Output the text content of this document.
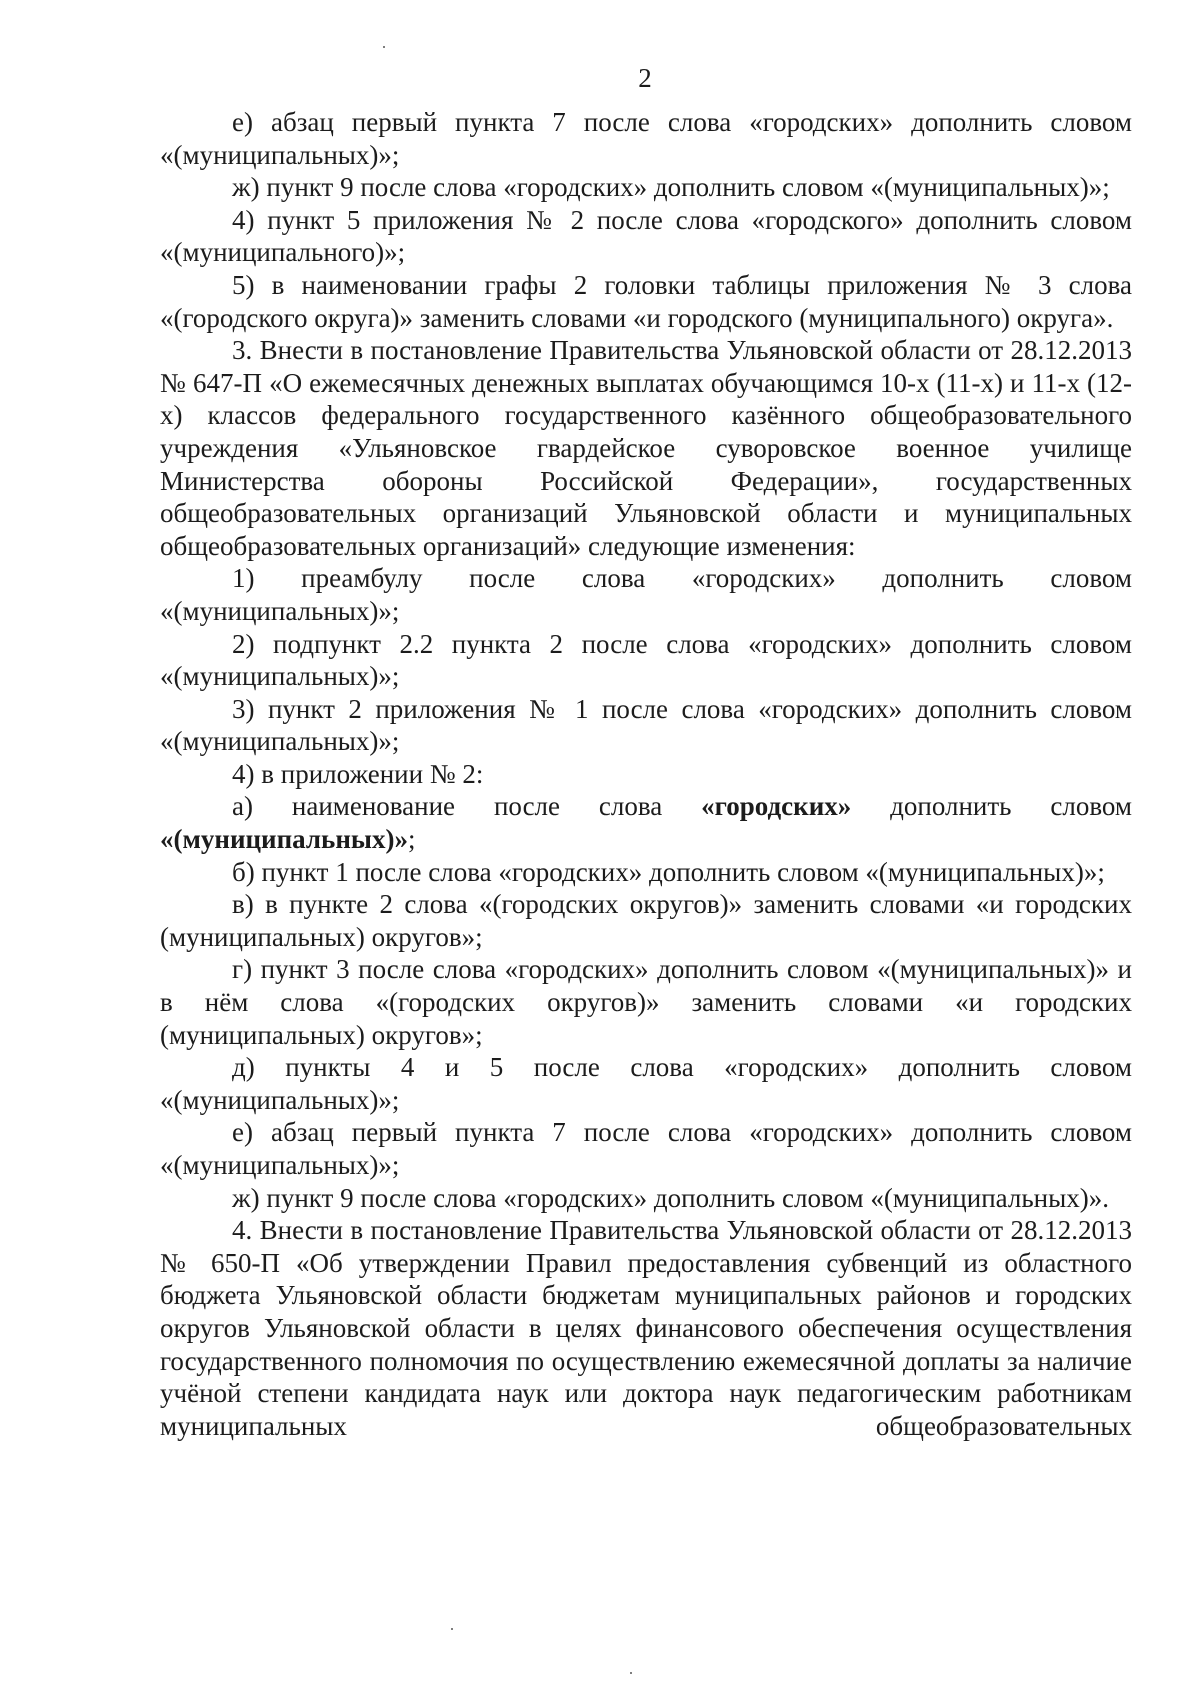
2

е) абзац первый пункта 7 после слова «городских» дополнить словом «(муниципальных)»;

ж) пункт 9 после слова «городских» дополнить словом «(муниципальных)»;

4) пункт 5 приложения № 2 после слова «городского» дополнить словом «(муниципального)»;

5) в наименовании графы 2 головки таблицы приложения № 3 слова «(городского округа)» заменить словами «и городского (муниципального) округа».

3. Внести в постановление Правительства Ульяновской области от 28.12.2013 № 647-П «О ежемесячных денежных выплатах обучающимся 10-х (11-х) и 11-х (12-х) классов федерального государственного казённого общеобразовательного учреждения «Ульяновское гвардейское суворовское военное училище Министерства обороны Российской Федерации», государственных общеобразовательных организаций Ульяновской области и муниципальных общеобразовательных организаций» следующие изменения:

1) преамбулу после слова «городских» дополнить словом «(муниципальных)»;

2) подпункт 2.2 пункта 2 после слова «городских» дополнить словом «(муниципальных)»;

3) пункт 2 приложения № 1 после слова «городских» дополнить словом «(муниципальных)»;

4) в приложении № 2:

а) наименование после слова «городских» дополнить словом «(муниципальных)»;

б) пункт 1 после слова «городских» дополнить словом «(муниципальных)»;

в) в пункте 2 слова «(городских округов)» заменить словами «и городских (муниципальных) округов»;

г) пункт 3 после слова «городских» дополнить словом «(муниципальных)» и в нём слова «(городских округов)» заменить словами «и городских (муниципальных) округов»;

д) пункты 4 и 5 после слова «городских» дополнить словом «(муниципальных)»;

е) абзац первый пункта 7 после слова «городских» дополнить словом «(муниципальных)»;

ж) пункт 9 после слова «городских» дополнить словом «(муниципальных)».

4. Внести в постановление Правительства Ульяновской области от 28.12.2013 № 650-П «Об утверждении Правил предоставления субвенций из областного бюджета Ульяновской области бюджетам муниципальных районов и городских округов Ульяновской области в целях финансового обеспечения осуществления государственного полномочия по осуществлению ежемесячной доплаты за наличие учёной степени кандидата наук или доктора наук педагогическим работникам муниципальных общеобразовательных
